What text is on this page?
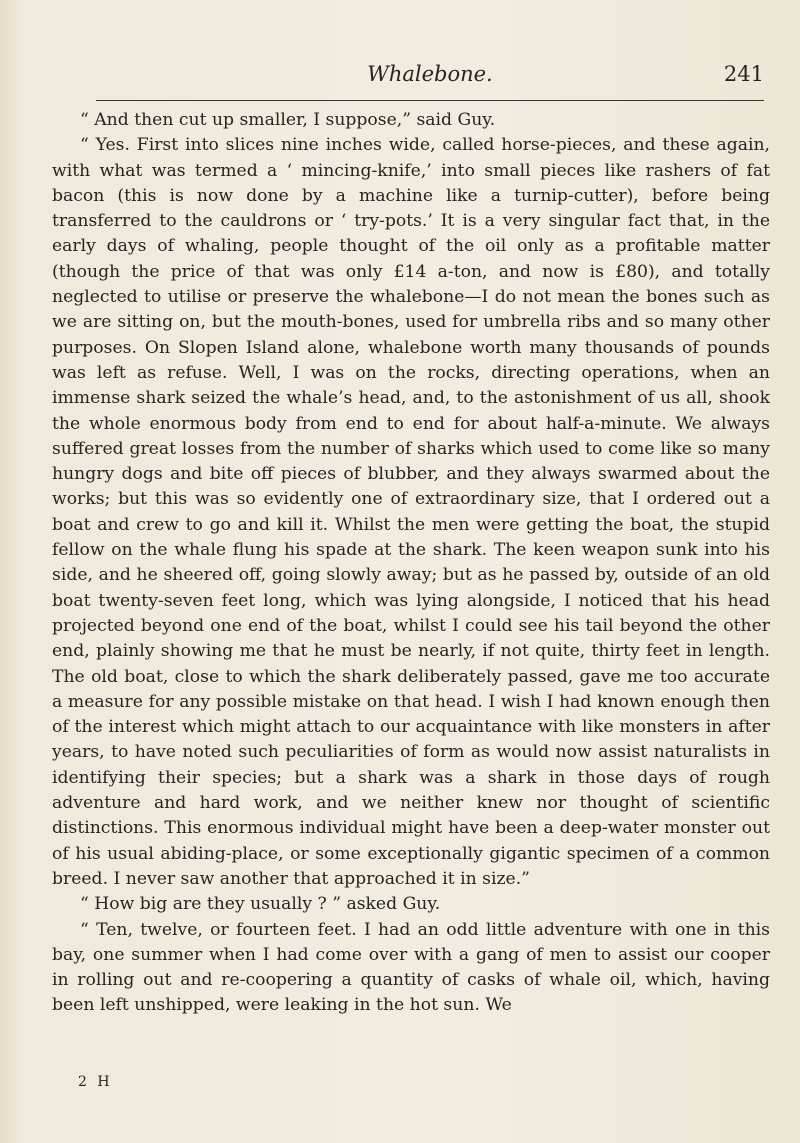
Whalebone.	241

“ And then cut up smaller, I suppose,” said Guy.

“ Yes. First into slices nine inches wide, called horse-pieces, and these again, with what was termed a ‘ mincing-knife,’ into small pieces like rashers of fat bacon (this is now done by a machine like a turnip-cutter), before being transferred to the cauldrons or ‘ try-pots.’ It is a very singular fact that, in the early days of whaling, people thought of the oil only as a profitable matter (though the price of that was only £14 a-ton, and now is £80), and totally neglected to utilise or preserve the whalebone—I do not mean the bones such as we are sitting on, but the mouth-bones, used for umbrella ribs and so many other purposes. On Slopen Island alone, whalebone worth many thousands of pounds was left as refuse. Well, I was on the rocks, directing operations, when an immense shark seized the whale’s head, and, to the astonishment of us all, shook the whole enormous body from end to end for about half-a-minute. We always suffered great losses from the number of sharks which used to come like so many hungry dogs and bite off pieces of blubber, and they always swarmed about the works; but this was so evidently one of extraordinary size, that I ordered out a boat and crew to go and kill it. Whilst the men were getting the boat, the stupid fellow on the whale flung his spade at the shark. The keen weapon sunk into his side, and he sheered off, going slowly away; but as he passed by, outside of an old boat twenty-seven feet long, which was lying alongside, I noticed that his head projected beyond one end of the boat, whilst I could see his tail beyond the other end, plainly showing me that he must be nearly, if not quite, thirty feet in length. The old boat, close to which the shark deliberately passed, gave me too accurate a measure for any possible mistake on that head. I wish I had known enough then of the interest which might attach to our acquaintance with like monsters in after years, to have noted such peculiarities of form as would now assist naturalists in identifying their species; but a shark was a shark in those days of rough adventure and hard work, and we neither knew nor thought of scientific distinctions. This enormous individual might have been a deep-water monster out of his usual abiding-place, or some exceptionally gigantic specimen of a common breed. I never saw another that approached it in size.”

“ How big are they usually ? ” asked Guy.

“ Ten, twelve, or fourteen feet. I had an odd little adventure with one in this bay, one summer when I had come over with a gang of men to assist our cooper in rolling out and re-coopering a quantity of casks of whale oil, which, having been left unshipped, were leaking in the hot sun. We

2 H
